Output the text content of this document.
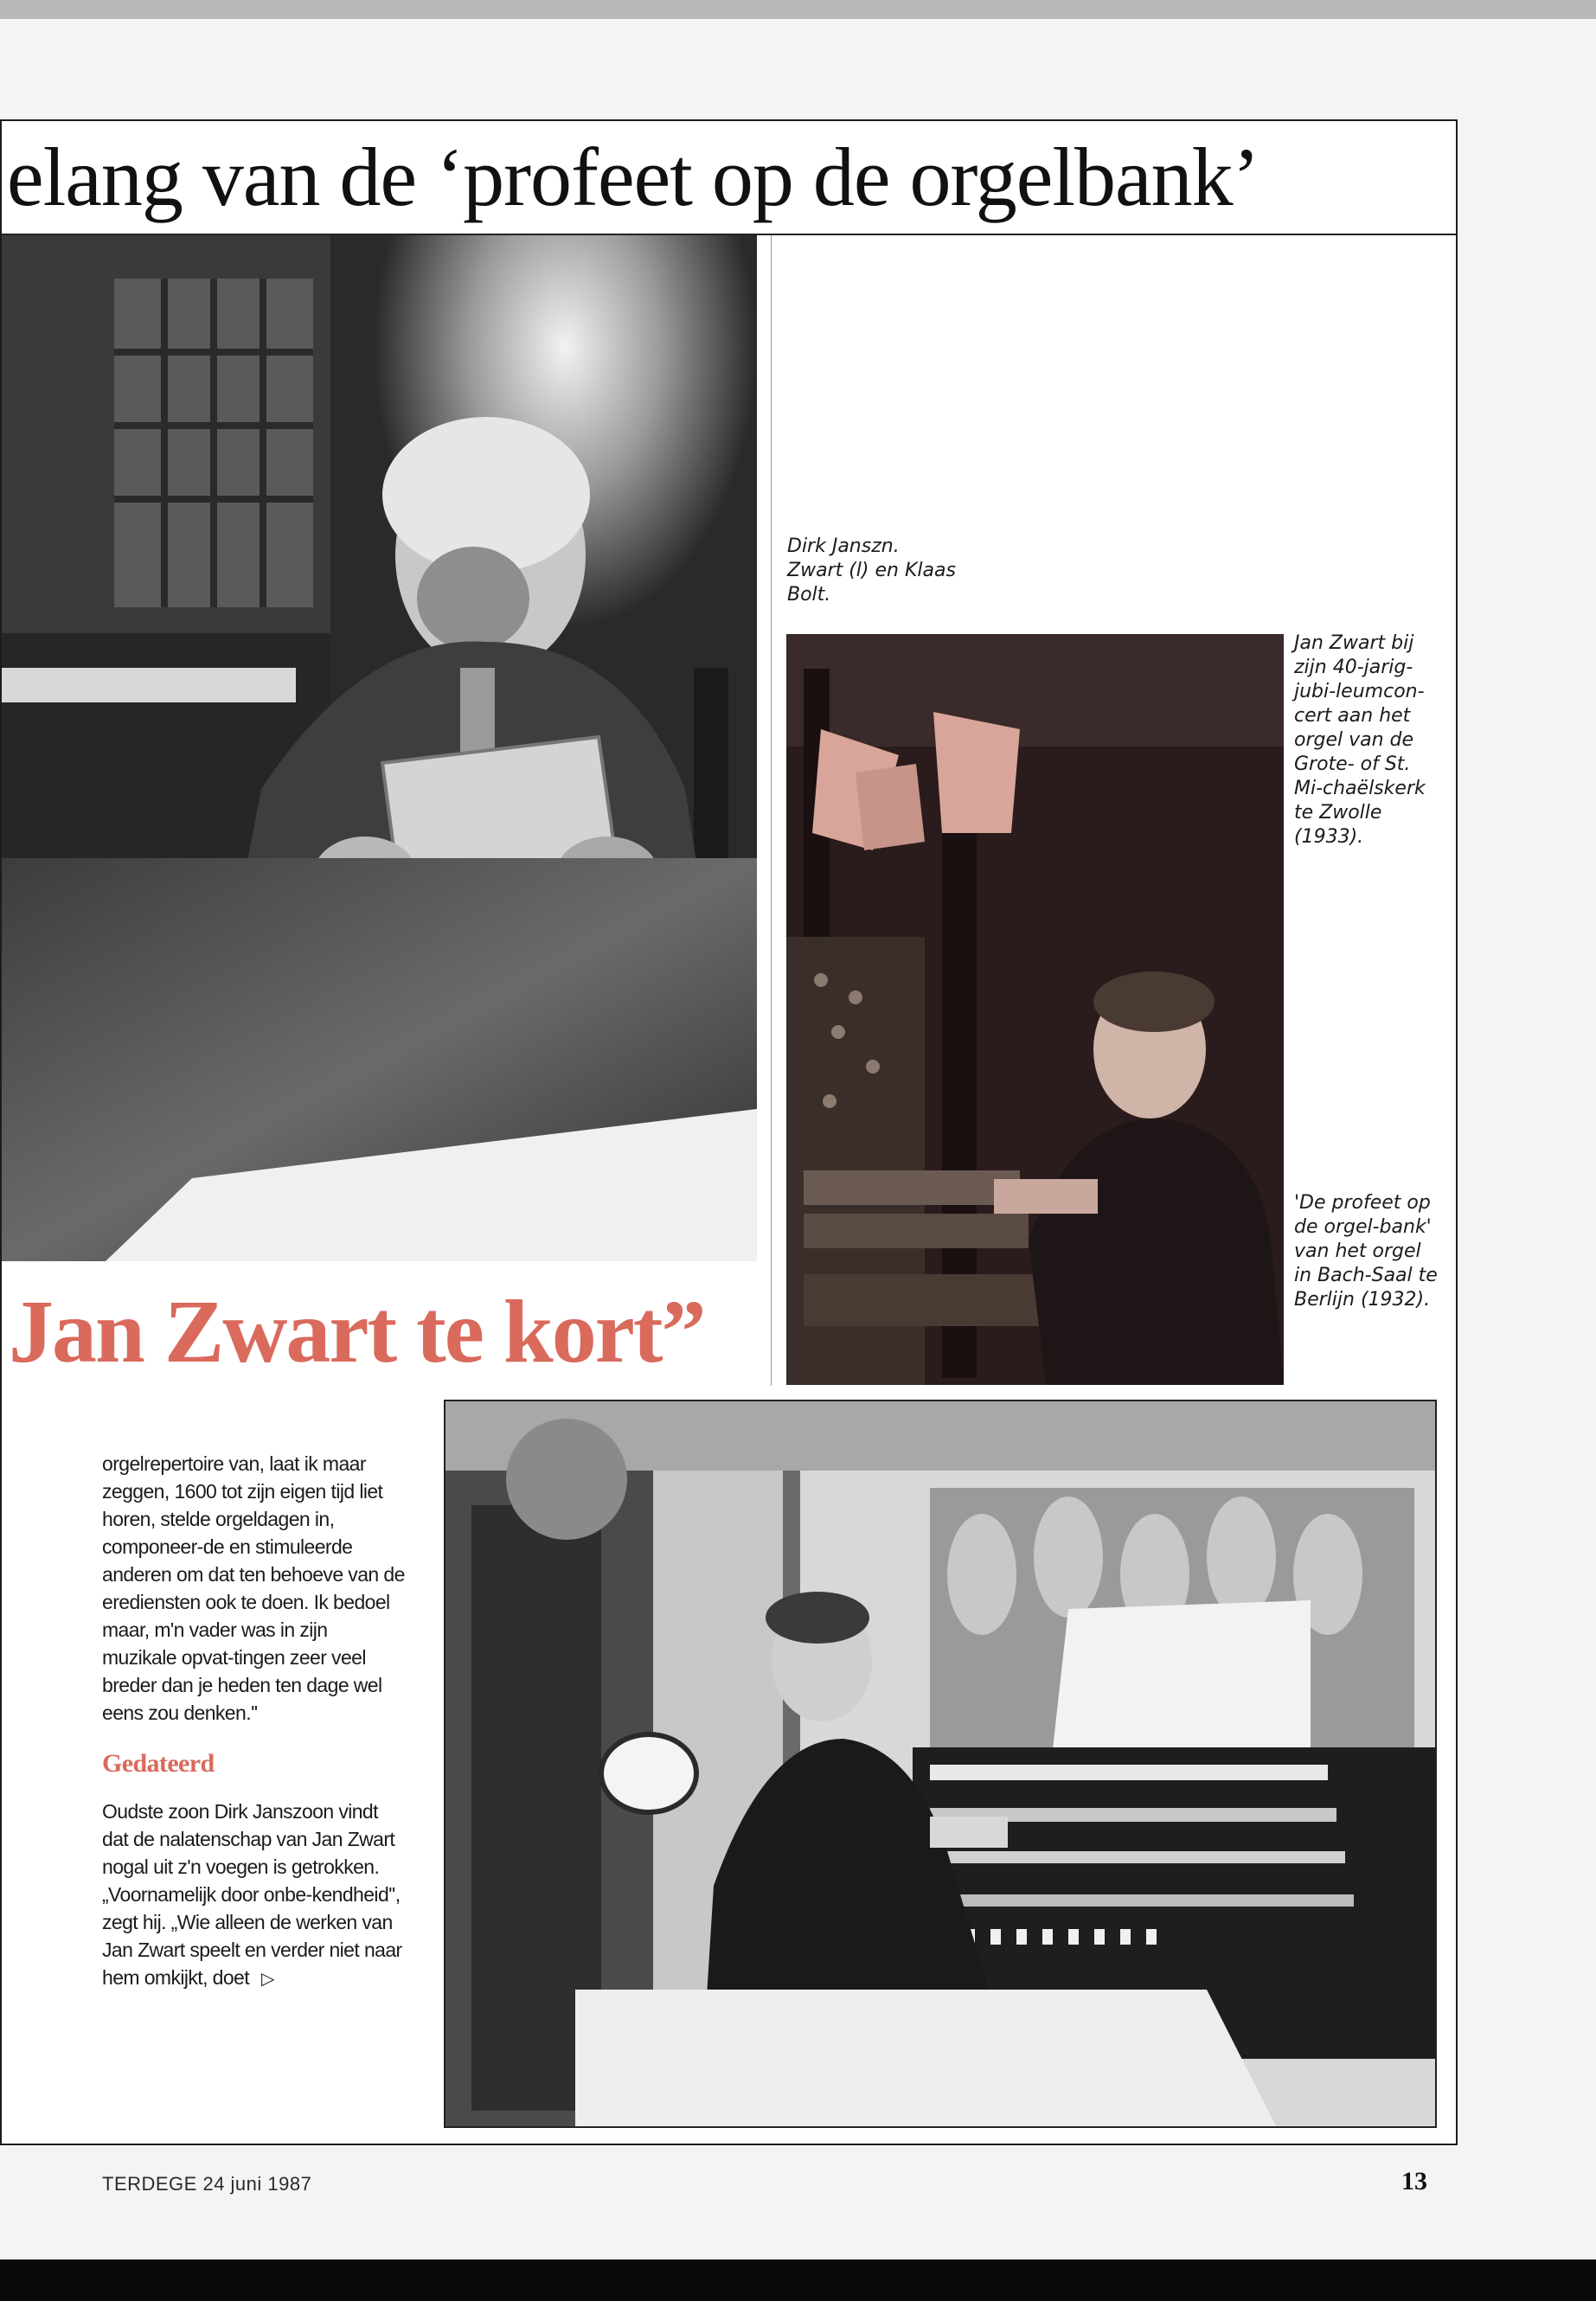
elang van de ‘profeet op de orgelbank’
Dirk Janszn. Zwart (l) en Klaas Bolt.
Jan Zwart bij zijn 40-jarig-jubi-leumcon-cert aan het orgel van de Grote- of St. Mi-chaëlskerk te Zwolle (1933).
'De profeet op de orgel-bank' van het orgel in Bach-Saal te Berlijn (1932).
Jan Zwart te kort”

orgelrepertoire van, laat ik maar zeggen, 1600 tot zijn eigen tijd liet horen, stelde orgeldagen in, componeer-de en stimuleerde anderen om dat ten behoeve van de erediensten ook te doen. Ik bedoel maar, m'n vader was in zijn muzikale opvat-tingen zeer veel breder dan je heden ten dage wel eens zou denken.''

Gedateerd

Oudste zoon Dirk Janszoon vindt dat de nalatenschap van Jan Zwart nogal uit z'n voegen is getrokken. „Voornamelijk door onbe-kendheid'', zegt hij. „Wie alleen de werken van Jan Zwart speelt en verder niet naar hem omkijkt, doet ▷

TERDEGE 24 juni 1987	13
